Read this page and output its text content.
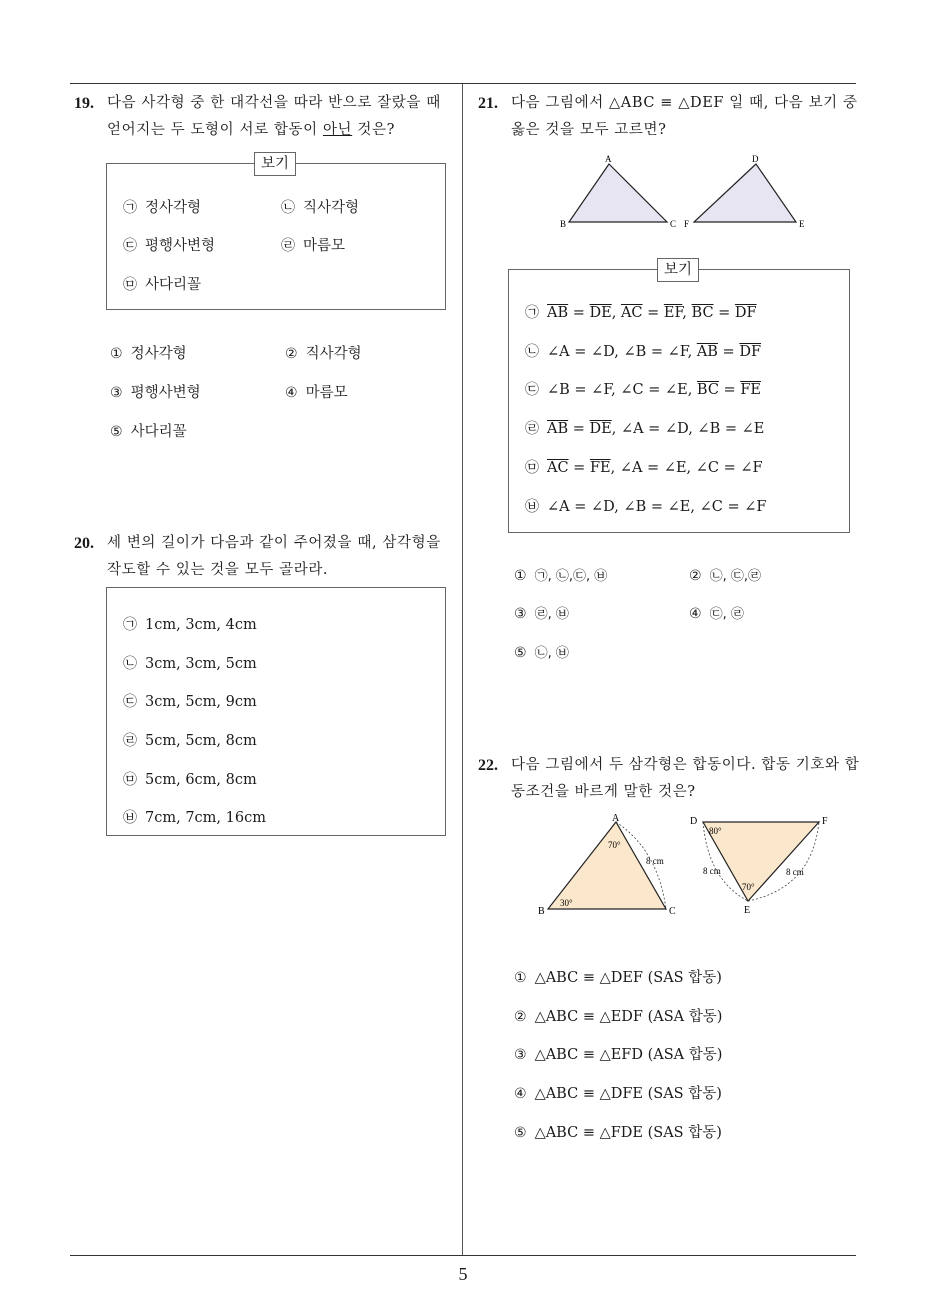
5
19. 다음 사각형 중 한 대각선을 따라 반으로 잘랐을 때
얻어지는 두 도형이 서로 합동이 아닌 것은?
보기
㉠ 정사각형	㉡ 직사각형
㉢ 평행사변형	㉣ 마름모
㉤ 사다리꼴
① 정사각형	② 직사각형
③ 평행사변형	④ 마름모
⑤ 사다리꼴
20. 세 변의 길이가 다음과 같이 주어졌을 때, 삼각형을
작도할 수 있는 것을 모두 골라라.
㉠ 1cm, 3cm, 4cm
㉡ 3cm, 3cm, 5cm
㉢ 3cm, 5cm, 9cm
㉣ 5cm, 5cm, 8cm
㉤ 5cm, 6cm, 8cm
㉥ 7cm, 7cm, 16cm
21. 다음 그림에서 △ABC ≡ △DEF 일 때, 다음 보기 중
옳은 것을 모두 고르면?
A
B	C
D
F	E
보기
㉠ $\overline{AB} = \overline{DE}$, $\overline{AC} = \overline{EF}$, $\overline{BC} = \overline{DF}$
㉡ ∠A = ∠D, ∠B = ∠F, $\overline{AB} = \overline{DF}$
㉢ ∠B = ∠F, ∠C = ∠E, $\overline{BC} = \overline{FE}$
㉣ $\overline{AB} = \overline{DE}$, ∠A = ∠D, ∠B = ∠E
㉤ $\overline{AC} = \overline{FE}$, ∠A = ∠E, ∠C = ∠F
㉥ ∠A = ∠D, ∠B = ∠E, ∠C = ∠F
① ㉠, ㉡,㉢, ㉥	② ㉡, ㉢,㉣
③ ㉣, ㉥	④ ㉢, ㉣
⑤ ㉡, ㉥
22. 다음 그림에서 두 삼각형은 합동이다. 합동 기호와 합
동조건을 바르게 말한 것은?
A
B	C
70°
30°
8 cm
D	F
E
80°
70°
8 cm	8 cm
① △ABC ≡ △DEF (SAS 합동)
② △ABC ≡ △EDF (ASA 합동)
③ △ABC ≡ △EFD (ASA 합동)
④ △ABC ≡ △DFE (SAS 합동)
⑤ △ABC ≡ △FDE (SAS 합동)
